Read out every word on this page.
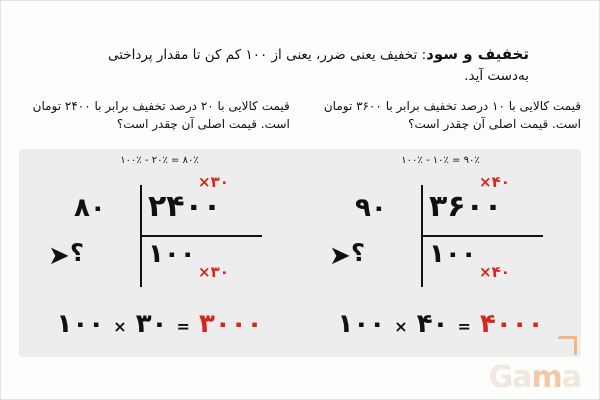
تخفیف و سود: تخفیف یعنی ضرر، یعنی از ۱۰۰ کم کن تا مقدار پرداختی به‌دست آید.
قیمت کالایی با ۱۰ درصد تخفیف برابر با ۳۶۰۰ تومان است. قیمت اصلی آن چقدر است؟
قیمت کالایی با ۲۰ درصد تخفیف برابر با ۲۴۰۰ تومان است. قیمت اصلی آن چقدر است؟
۱۰۰٪ - ۱۰٪ = ۹۰٪
×۴۰
۳۶۰۰
۹۰
۱۰۰
؟
➤
×۴۰
۱۰۰ × ۴۰ = ۴۰۰۰
۱۰۰٪ - ۲۰٪ = ۸۰٪
×۳۰
۲۴۰۰
۸۰
۱۰۰
؟
➤
×۳۰
۱۰۰ × ۳۰ = ۳۰۰۰
Gama
